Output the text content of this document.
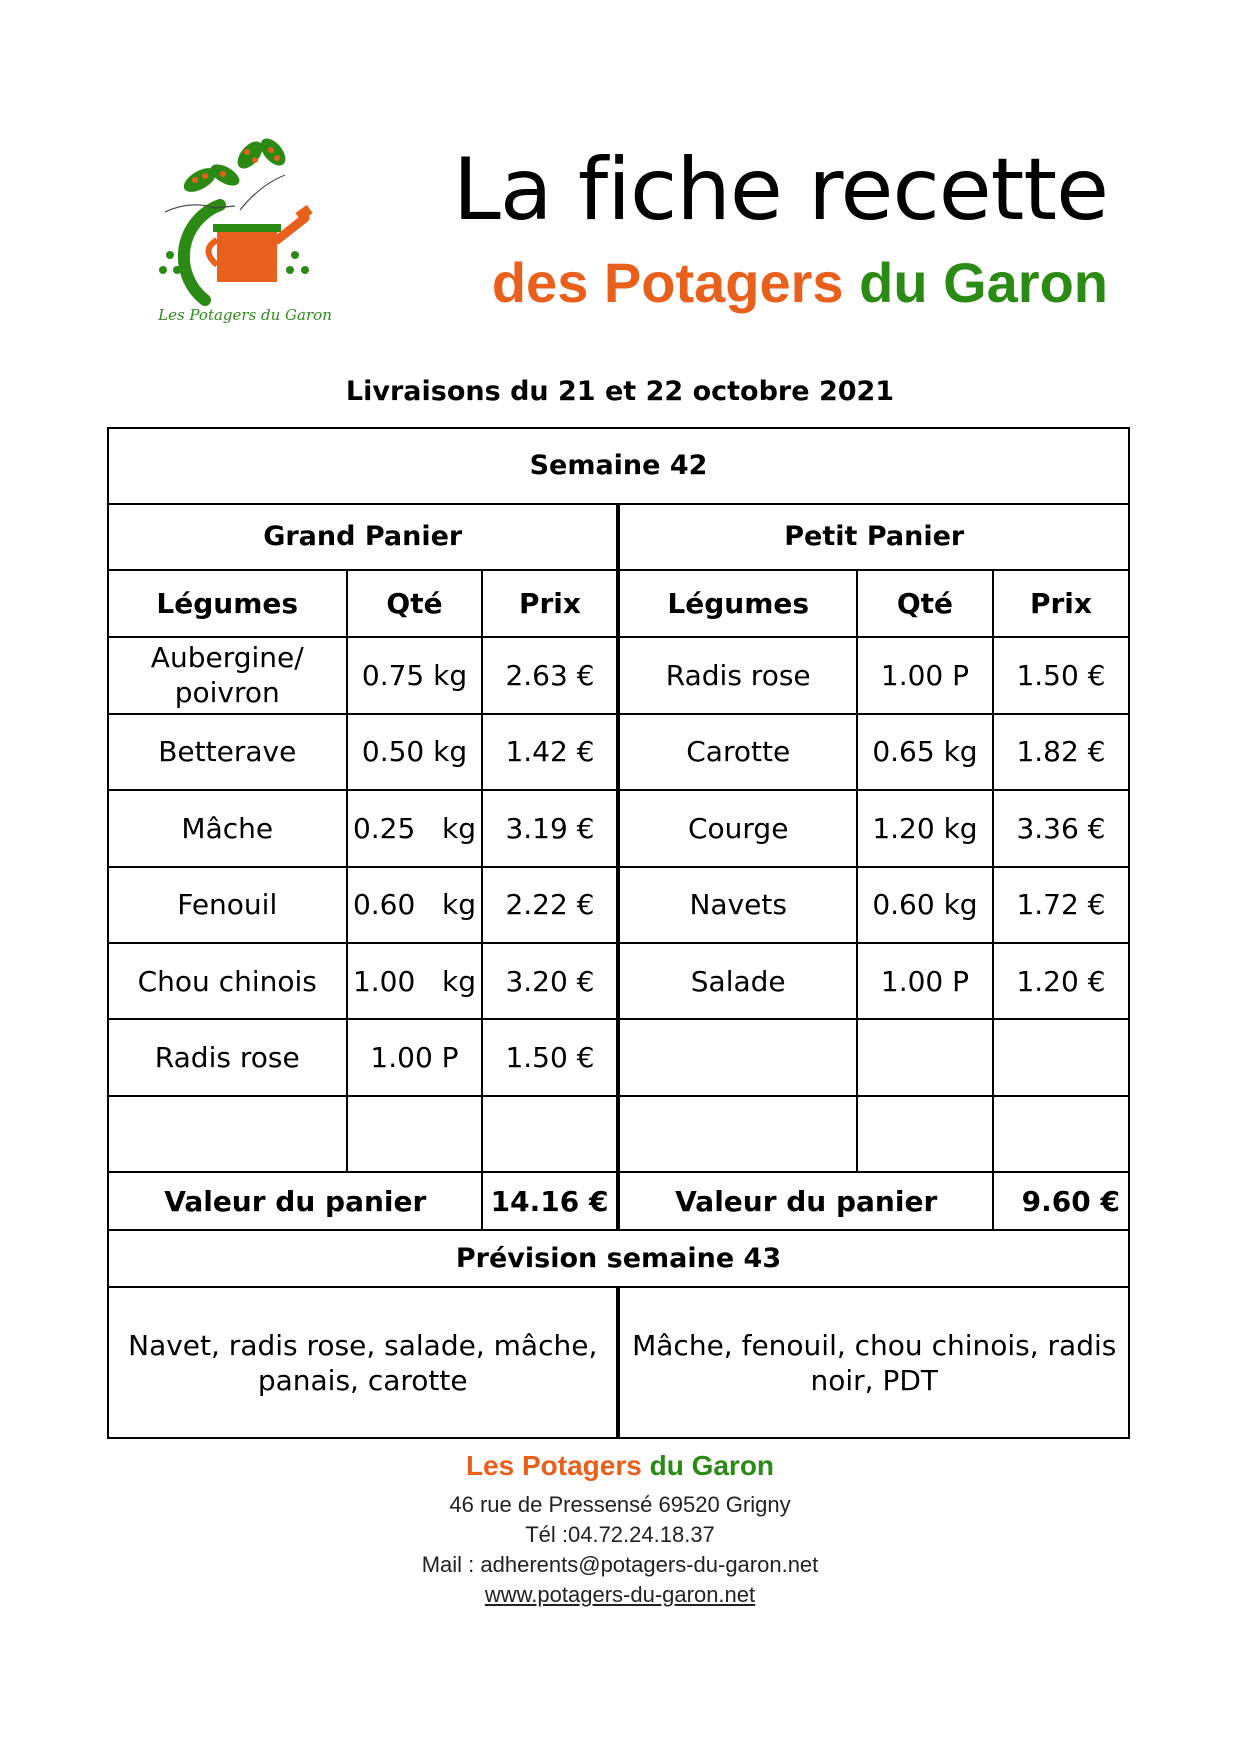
Les Potagers du Garon
La fiche recette
des Potagers du Garon
Livraisons du 21 et 22 octobre 2021
Semaine 42					
Grand Panier			Petit Panier		
Légumes	Qté	Prix	Légumes	Qté	Prix
Aubergine/ poivron	0.75 kg	2.63 €	Radis rose	1.00 P	1.50 €
Betterave	0.50 kg	1.42 €	Carotte	0.65 kg	1.82 €
Mâche	0.25   kg	3.19 €	Courge	1.20 kg	3.36 €
Fenouil	0.60   kg	2.22 €	Navets	0.60 kg	1.72 €
Chou chinois	1.00   kg	3.20 €	Salade	1.00 P	1.20 €
Radis rose	1.00 P	1.50 €			

Valeur du panier		14.16 €	Valeur du panier		9.60 €
Prévision semaine 43					
Navet, radis rose, salade, mâche, panais, carotte			Mâche, fenouil, chou chinois, radis noir, PDT		
Les Potagers du Garon
46 rue de Pressensé 69520 Grigny
Tél :04.72.24.18.37
Mail : adherents@potagers-du-garon.net
www.potagers-du-garon.net
